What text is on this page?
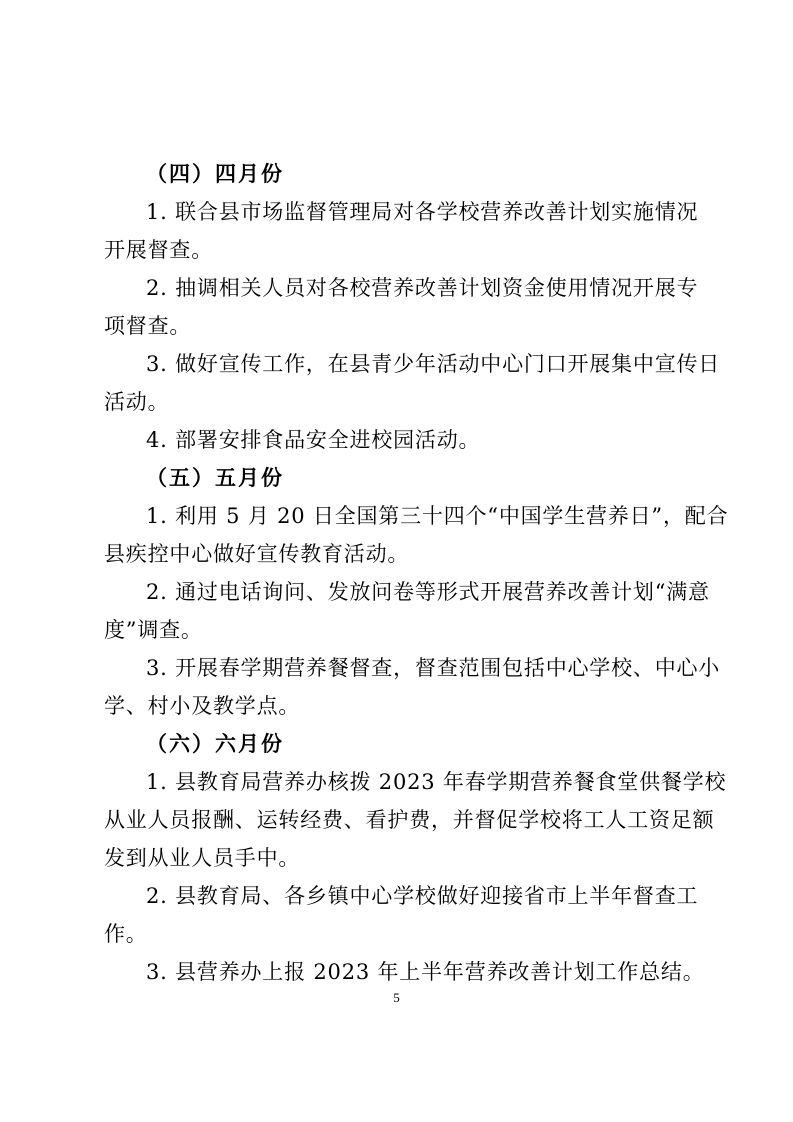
（四）四月份
1. 联合县市场监督管理局对各学校营养改善计划实施情况
开展督查。
2. 抽调相关人员对各校营养改善计划资金使用情况开展专
项督查。
3. 做好宣传工作，在县青少年活动中心门口开展集中宣传日
活动。
4. 部署安排食品安全进校园活动。
（五）五月份
1. 利用 5 月 20 日全国第三十四个“中国学生营养日”，配合
县疾控中心做好宣传教育活动。
2. 通过电话询问、发放问卷等形式开展营养改善计划“满意
度”调查。
3. 开展春学期营养餐督查，督查范围包括中心学校、中心小
学、村小及教学点。
（六）六月份
1. 县教育局营养办核拨 2023 年春学期营养餐食堂供餐学校
从业人员报酬、运转经费、看护费，并督促学校将工人工资足额
发到从业人员手中。
2. 县教育局、各乡镇中心学校做好迎接省市上半年督查工
作。
3. 县营养办上报 2023 年上半年营养改善计划工作总结。
5
